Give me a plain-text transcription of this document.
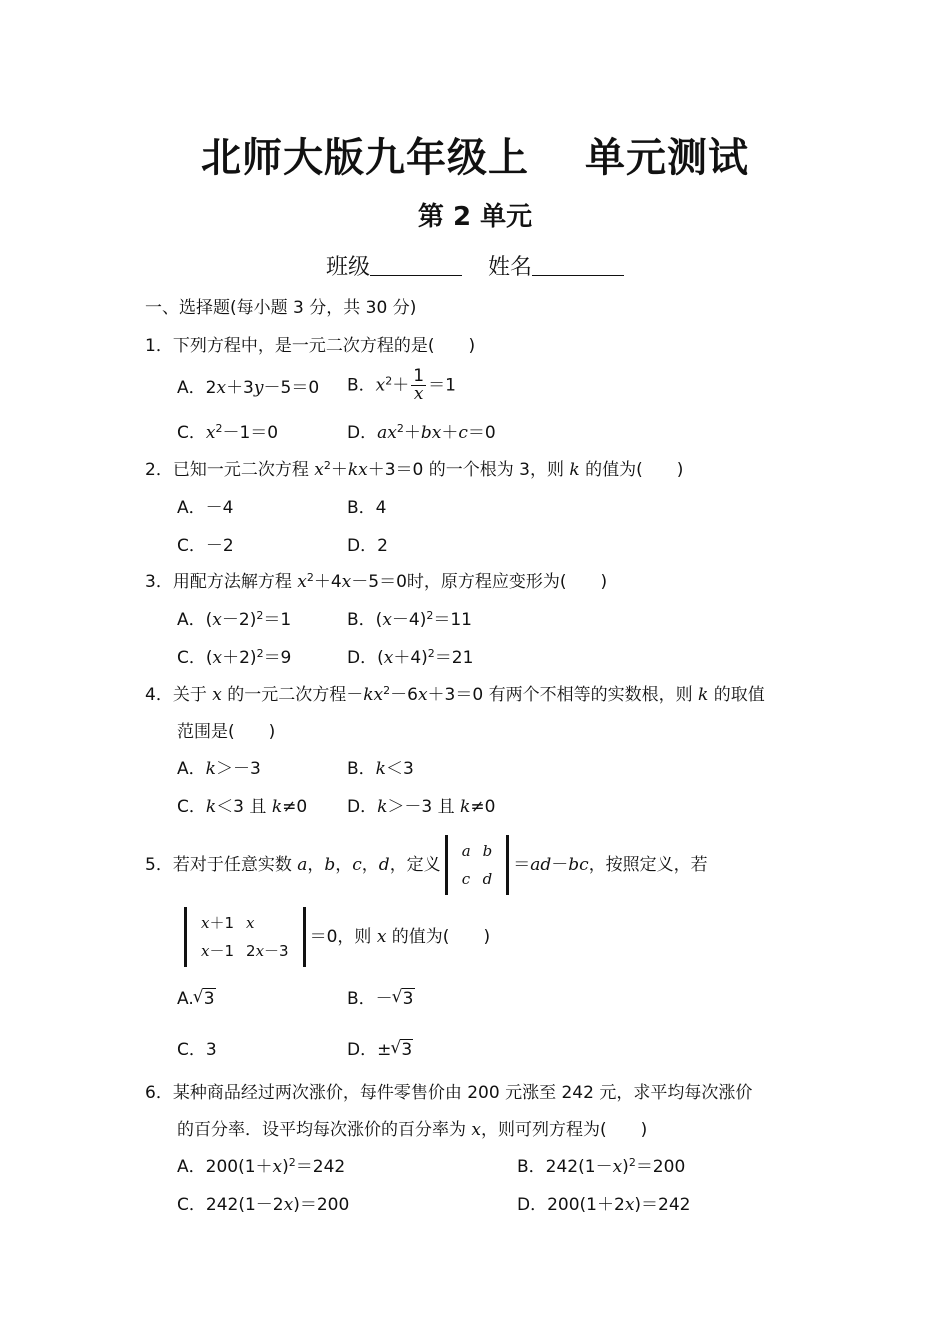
北师大版九年级上 单元测试
第 2 单元
班级	姓名
一、选择题(每小题 3 分，共 30 分)
1．下列方程中，是一元二次方程的是(　　)
A．2x＋3y－5＝0 B．$x^2+ \frac{1}{x} =1$
C．$x^2-1=0$	D．$ax^2+bx+c=0$
2．已知一元二次方程 $x^2+kx+3=0$ 的一个根为 3，则 k 的值为(　　)
A．－4	B．4
C．－2	D．2
3．用配方法解方程 $x^2+4x-5=0$时，原方程应变形为(　　)
A．$(x-2)^2=1$	B．$(x-4)^2=11$
C．$(x+2)^2=9$	D．$(x+4)^2=21$
4．关于 x 的一元二次方程$-kx^2-6x+3=0$ 有两个不相等的实数根，则 k 的取值
范围是(　　)
A．k＞－3	B．k＜3
C．k＜3 且 k≠0 D．k＞－3 且 k≠0
5．若对于任意实数 a，b，c，d，定义
a	b
c	d
＝ad－bc，按照定义，若
x＋1	x
x－1	2x－3
＝0，则 x 的值为(　　)
A. √ 3	B．－ √ 3
C．3	D．± √ 3
6．某种商品经过两次涨价，每件零售价由 200 元涨至 242 元，求平均每次涨价
的百分率．设平均每次涨价的百分率为 x，则可列方程为(　　)
A．$200(1+x)^2=242$	B．$242(1-x)^2=200$
C．242(1－2x)＝200	D．200(1＋2x)＝242
